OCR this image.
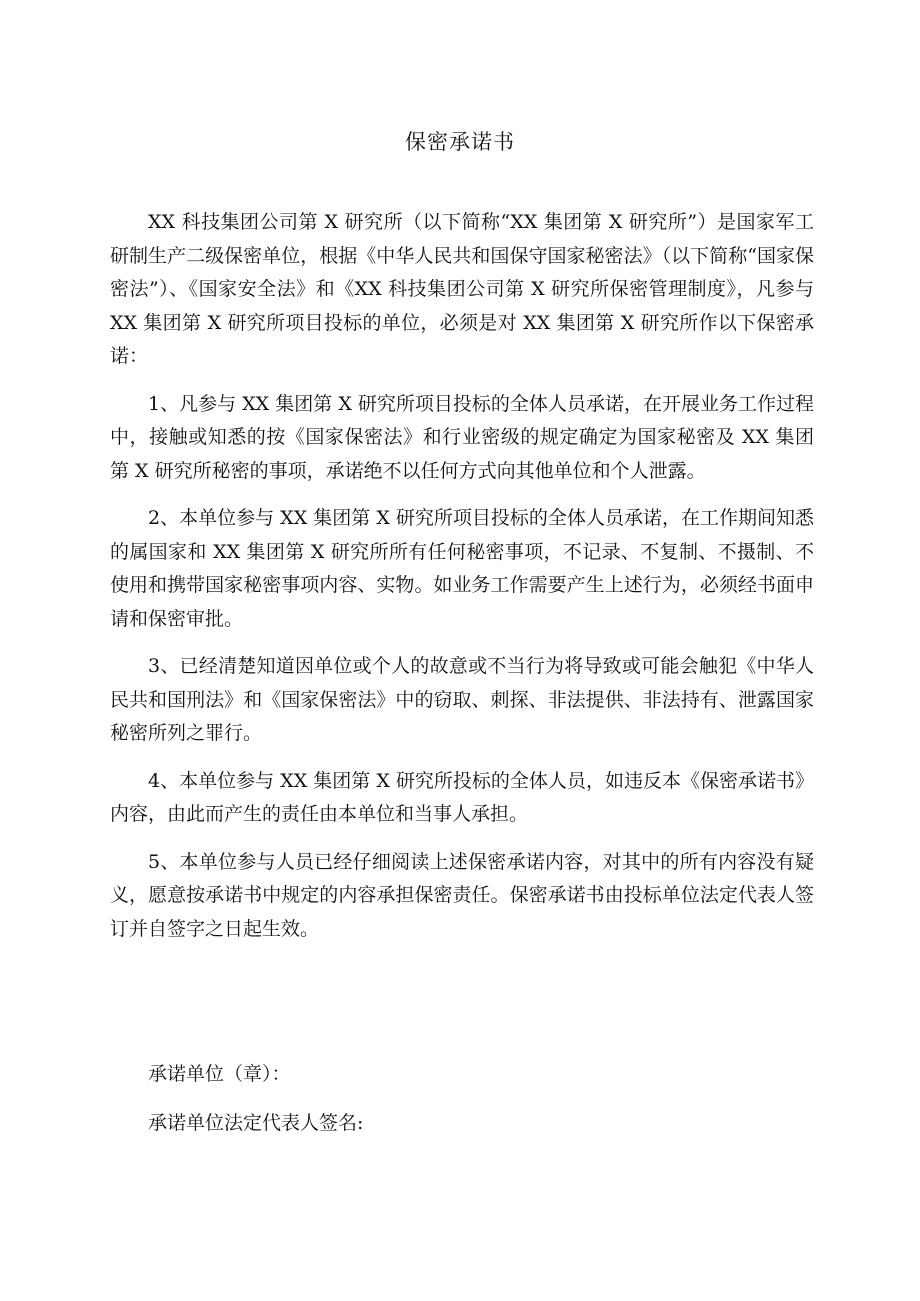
保密承诺书

XX 科技集团公司第 X 研究所（以下简称“XX 集团第 X 研究所”）是国家军工研制生产二级保密单位，根据《中华人民共和国保守国家秘密法》（以下简称“国家保密法”）、《国家安全法》和《XX 科技集团公司第 X 研究所保密管理制度》，凡参与 XX 集团第 X 研究所项目投标的单位，必须是对 XX 集团第 X 研究所作以下保密承诺：

1、凡参与 XX 集团第 X 研究所项目投标的全体人员承诺，在开展业务工作过程中，接触或知悉的按《国家保密法》和行业密级的规定确定为国家秘密及 XX 集团第 X 研究所秘密的事项，承诺绝不以任何方式向其他单位和个人泄露。

2、本单位参与 XX 集团第 X 研究所项目投标的全体人员承诺，在工作期间知悉的属国家和 XX 集团第 X 研究所所有任何秘密事项，不记录、不复制、不摄制、不使用和携带国家秘密事项内容、实物。如业务工作需要产生上述行为，必须经书面申请和保密审批。

3、已经清楚知道因单位或个人的故意或不当行为将导致或可能会触犯《中华人民共和国刑法》和《国家保密法》中的窃取、刺探、非法提供、非法持有、泄露国家秘密所列之罪行。

4、本单位参与 XX 集团第 X 研究所投标的全体人员，如违反本《保密承诺书》内容，由此而产生的责任由本单位和当事人承担。

5、本单位参与人员已经仔细阅读上述保密承诺内容，对其中的所有内容没有疑义，愿意按承诺书中规定的内容承担保密责任。保密承诺书由投标单位法定代表人签订并自签字之日起生效。

承诺单位（章）：
承诺单位法定代表人签名:
